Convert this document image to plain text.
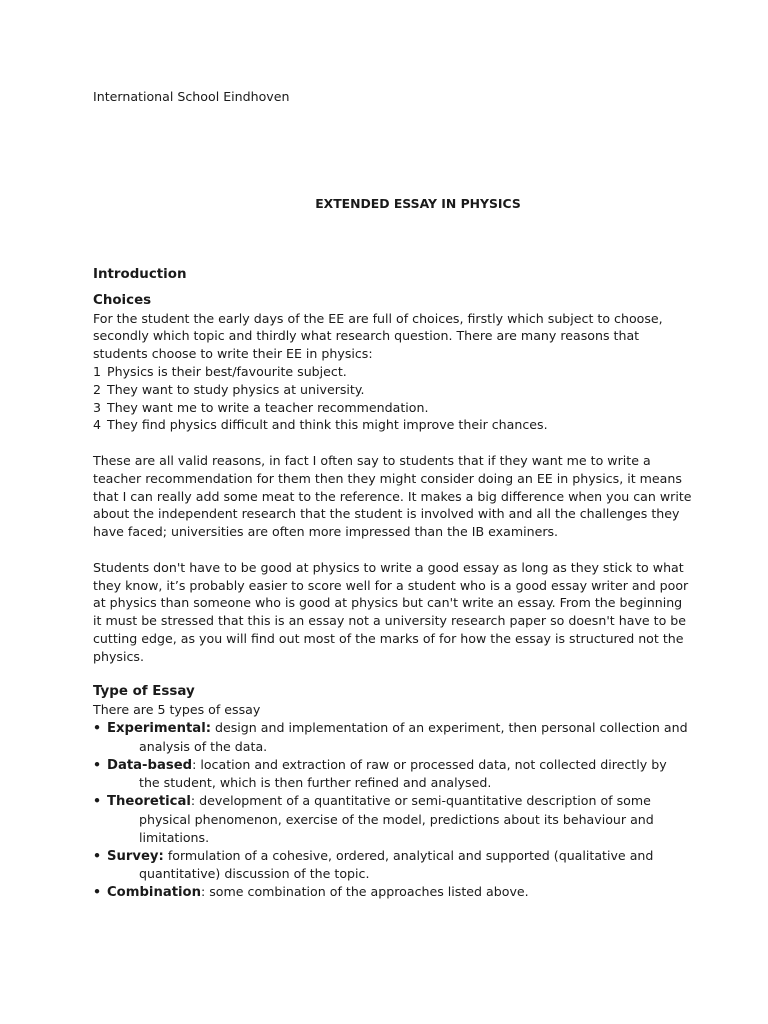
International School Eindhoven
EXTENDED ESSAY IN PHYSICS
Introduction
Choices

For the student the early days of the EE are full of choices, firstly which subject to choose, secondly which topic and thirdly what research question. There are many reasons that students choose to write their EE in physics:

1 Physics is their best/favourite subject.
2 They want to study physics at university.
3 They want me to write a teacher recommendation.
4 They find physics difficult and think this might improve their chances.

These are all valid reasons, in fact I often say to students that if they want me to write a teacher recommendation for them then they might consider doing an EE in physics, it means that I can really add some meat to the reference. It makes a big difference when you can write about the independent research that the student is involved with and all the challenges they have faced; universities are often more impressed than the IB examiners.

Students don't have to be good at physics to write a good essay as long as they stick to what they know, it’s probably easier to score well for a student who is a good essay writer and poor at physics than someone who is good at physics but can't write an essay. From the beginning it must be stressed that this is an essay not a university research paper so doesn't have to be cutting edge, as you will find out most of the marks of for how the essay is structured not the physics.

Type of Essay

There are 5 types of essay

• Experimental: design and implementation of an experiment, then personal collection and
analysis of the data.
• Data-based: location and extraction of raw or processed data, not collected directly by
the student, which is then further refined and analysed.
• Theoretical: development of a quantitative or semi-quantitative description of some
physical phenomenon, exercise of the model, predictions about its behaviour and limitations.
• Survey: formulation of a cohesive, ordered, analytical and supported (qualitative and
quantitative) discussion of the topic.
• Combination: some combination of the approaches listed above.
